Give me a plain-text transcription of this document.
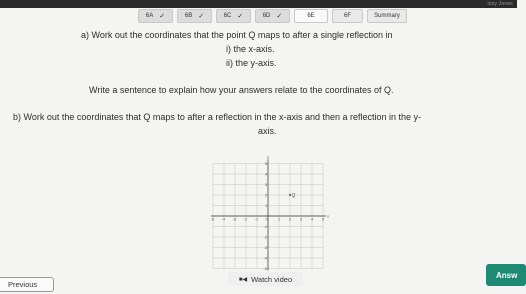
Izzy Jones
6A ✓	6B ✓	6C ✓	6D ✓	6E	6F	Summary
a) Work out the coordinates that the point Q maps to after a single reflection in
i) the x-axis.
ii) the y-axis.
Write a sentence to explain how your answers relate to the coordinates of Q.
b) Work out the coordinates that Q maps to after a reflection in the x-axis and then a reflection in the y-
axis.
x
y
-5 -4 -3 -2 -1 0	1 2 3 4 5
5
4
3
2
1
-1
-2
-3
-4
-5
Q
Previous
■◀ Watch video	Answ
